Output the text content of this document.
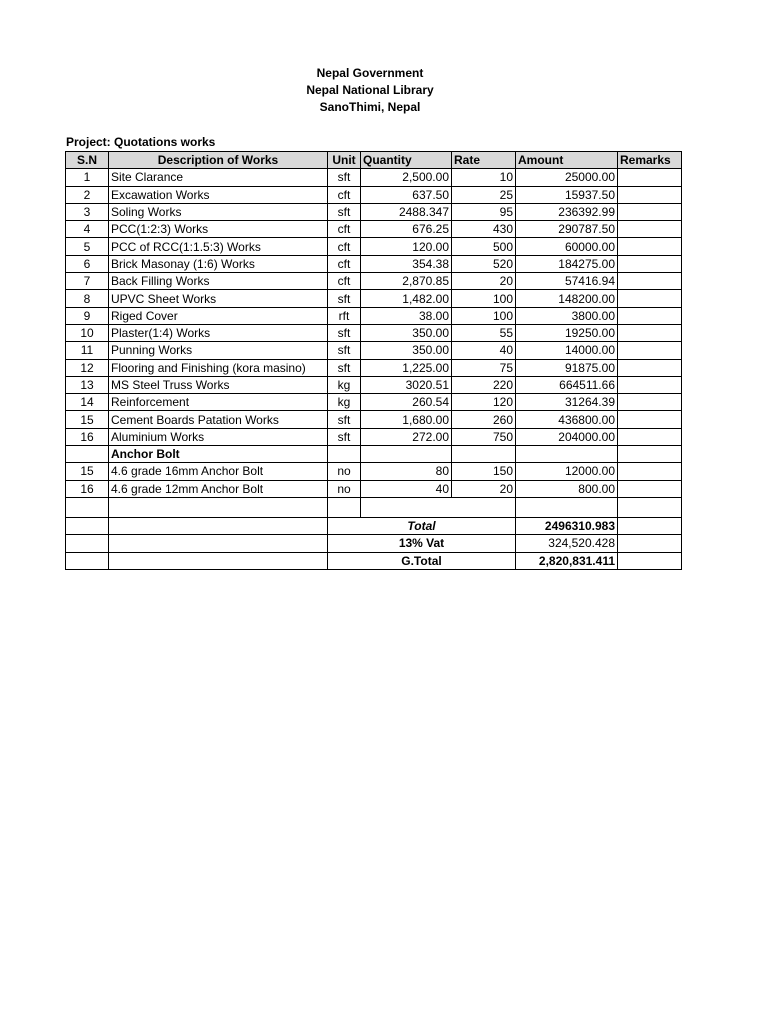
Nepal Government
Nepal National Library
SanoThimi, Nepal
Project: Quotations works
S.N	Description of Works	Unit	Quantity	Rate	Amount	Remarks
1	Site Clarance	sft	2,500.00	10	25000.00	
2	Excawation Works	cft	637.50	25	15937.50	
3	Soling Works	sft	2488.347	95	236392.99	
4	PCC(1:2:3) Works	cft	676.25	430	290787.50	
5	PCC of RCC(1:1.5:3) Works	cft	120.00	500	60000.00	
6	Brick Masonay (1:6) Works	cft	354.38	520	184275.00	
7	Back Filling Works	cft	2,870.85	20	57416.94	
8	UPVC Sheet Works	sft	1,482.00	100	148200.00	
9	Riged Cover	rft	38.00	100	3800.00	
10	Plaster(1:4) Works	sft	350.00	55	19250.00	
11	Punning Works	sft	350.00	40	14000.00	
12	Flooring and Finishing (kora masino)	sft	1,225.00	75	91875.00	
13	MS Steel Truss Works	kg	3020.51	220	664511.66	
14	Reinforcement	kg	260.54	120	31264.39	
15	Cement Boards Patation Works	sft	1,680.00	260	436800.00	
16	Aluminium Works	sft	272.00	750	204000.00	
	Anchor Bolt					
15	4.6 grade 16mm Anchor Bolt	no	80	150	12000.00	
16	4.6 grade 12mm Anchor Bolt	no	40	20	800.00	

		Total			2496310.983	
		13% Vat			324,520.428	
		G.Total			2,820,831.411	
